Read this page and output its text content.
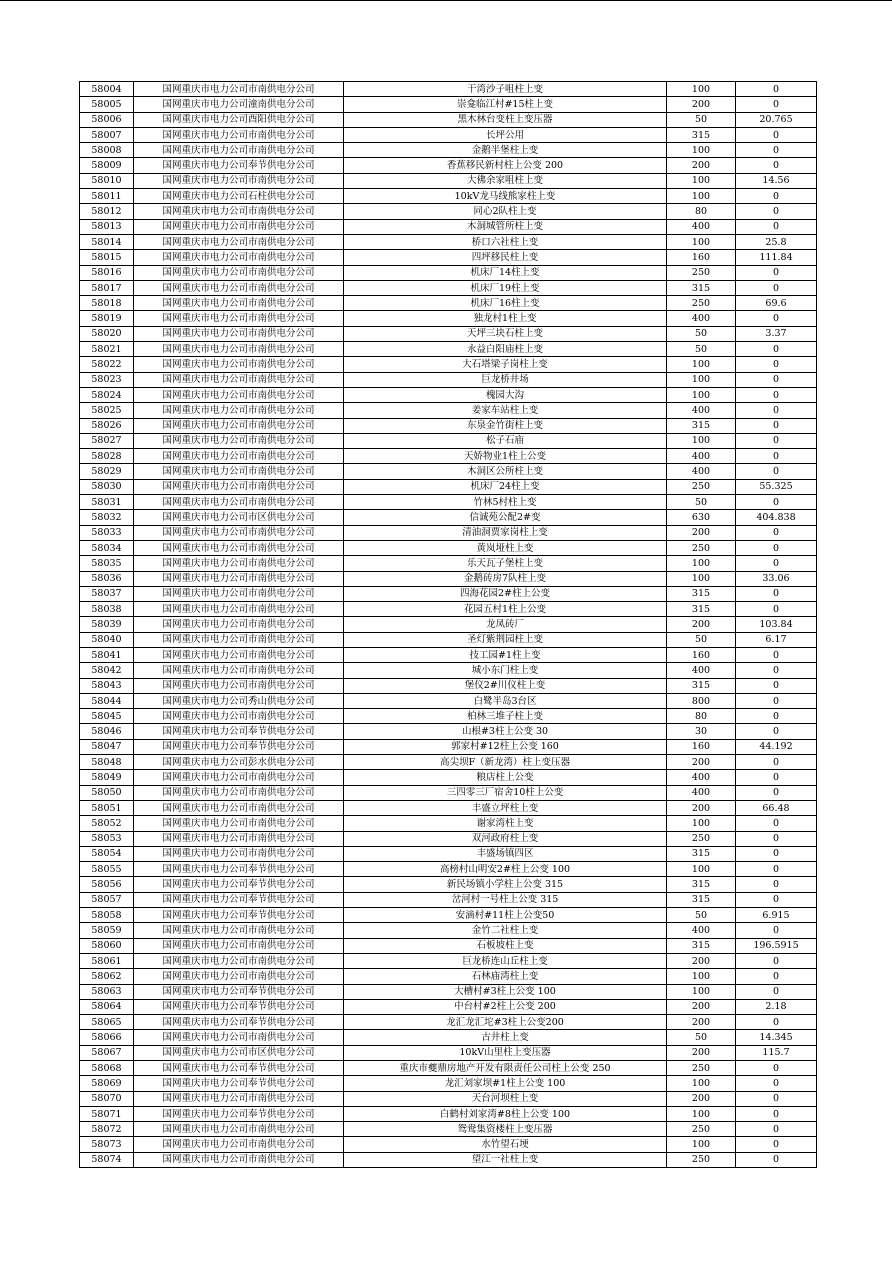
58004	国网重庆市电力公司市南供电分公司	干湾沙子咀柱上变	100	0
58005	国网重庆市电力公司潼南供电分公司	崇龛临江村#15柱上变	200	0
58006	国网重庆市电力公司酉阳供电分公司	黑木林台变柱上变压器	50	20.765
58007	国网重庆市电力公司市南供电分公司	长坪公用	315	0
58008	国网重庆市电力公司市南供电分公司	金鹅半堡柱上变	100	0
58009	国网重庆市电力公司奉节供电分公司	香蕉移民新村柱上公变 200	200	0
58010	国网重庆市电力公司市南供电分公司	大佛余家咀柱上变	100	14.56
58011	国网重庆市电力公司石柱供电分公司	10kV龙马线熊家柱上变	100	0
58012	国网重庆市电力公司市南供电分公司	同心2队柱上变	80	0
58013	国网重庆市电力公司市南供电分公司	木洞城管所柱上变	400	0
58014	国网重庆市电力公司市南供电分公司	桥口六社柱上变	100	25.8
58015	国网重庆市电力公司市南供电分公司	四坪移民柱上变	160	111.84
58016	国网重庆市电力公司市南供电分公司	机床厂14柱上变	250	0
58017	国网重庆市电力公司市南供电分公司	机床厂19柱上变	315	0
58018	国网重庆市电力公司市南供电分公司	机床厂16柱上变	250	69.6
58019	国网重庆市电力公司市南供电分公司	独龙村1柱上变	400	0
58020	国网重庆市电力公司市南供电分公司	天坪三块石柱上变	50	3.37
58021	国网重庆市电力公司市南供电分公司	永益白阳庙柱上变	50	0
58022	国网重庆市电力公司市南供电分公司	大石塔梁子岗柱上变	100	0
58023	国网重庆市电力公司市南供电分公司	巨龙桥井场	100	0
58024	国网重庆市电力公司市南供电分公司	槐园大沟	100	0
58025	国网重庆市电力公司市南供电分公司	姜家车站柱上变	400	0
58026	国网重庆市电力公司市南供电分公司	东泉金竹街柱上变	315	0
58027	国网重庆市电力公司市南供电分公司	松子石庙	100	0
58028	国网重庆市电力公司市南供电分公司	天娇物业1柱上公变	400	0
58029	国网重庆市电力公司市南供电分公司	木洞区公所柱上变	400	0
58030	国网重庆市电力公司市南供电分公司	机床厂24柱上变	250	55.325
58031	国网重庆市电力公司市南供电分公司	竹林5村柱上变	50	0
58032	国网重庆市电力公司市区供电分公司	信诚苑公配2#变	630	404.838
58033	国网重庆市电力公司市南供电分公司	清油洞贾家岗柱上变	200	0
58034	国网重庆市电力公司市南供电分公司	黄岚垭柱上变	250	0
58035	国网重庆市电力公司市南供电分公司	乐天瓦子堡柱上变	100	0
58036	国网重庆市电力公司市南供电分公司	金鹅砖房7队柱上变	100	33.06
58037	国网重庆市电力公司市南供电分公司	四海花园2#柱上公变	315	0
58038	国网重庆市电力公司市南供电分公司	花园五村1柱上公变	315	0
58039	国网重庆市电力公司市南供电分公司	龙凤砖厂	200	103.84
58040	国网重庆市电力公司市南供电分公司	圣灯紫荆园柱上变	50	6.17
58041	国网重庆市电力公司市南供电分公司	技工园#1柱上变	160	0
58042	国网重庆市电力公司市南供电分公司	城小东门柱上变	400	0
58043	国网重庆市电力公司市南供电分公司	堡仪2#川仪柱上变	315	0
58044	国网重庆市电力公司秀山供电分公司	白鹭半岛3台区	800	0
58045	国网重庆市电力公司市南供电分公司	柏林三堆子柱上变	80	0
58046	国网重庆市电力公司奉节供电分公司	山根#3柱上公变 30	30	0
58047	国网重庆市电力公司奉节供电分公司	郭家村#12柱上公变 160	160	44.192
58048	国网重庆市电力公司彭水供电分公司	高尖坝F（新龙湾）柱上变压器	200	0
58049	国网重庆市电力公司市南供电分公司	粮店柱上公变	400	0
58050	国网重庆市电力公司市南供电分公司	三四零三厂宿舍10柱上公变	400	0
58051	国网重庆市电力公司市南供电分公司	丰盛立坪柱上变	200	66.48
58052	国网重庆市电力公司市南供电分公司	谢家湾柱上变	100	0
58053	国网重庆市电力公司市南供电分公司	双河政府柱上变	250	0
58054	国网重庆市电力公司市南供电分公司	丰盛场镇四区	315	0
58055	国网重庆市电力公司奉节供电分公司	高榜村山明安2#柱上公变 100	100	0
58056	国网重庆市电力公司奉节供电分公司	新民场镇小学柱上公变 315	315	0
58057	国网重庆市电力公司奉节供电分公司	岔河村一号柱上公变 315	315	0
58058	国网重庆市电力公司奉节供电分公司	安滴村#11柱上公变50	50	6.915
58059	国网重庆市电力公司市南供电分公司	金竹二社柱上变	400	0
58060	国网重庆市电力公司市南供电分公司	石板坡柱上变	315	196.5915
58061	国网重庆市电力公司市南供电分公司	巨龙桥连山丘柱上变	200	0
58062	国网重庆市电力公司市南供电分公司	石林庙湾柱上变	100	0
58063	国网重庆市电力公司奉节供电分公司	大槽村#3柱上公变 100	100	0
58064	国网重庆市电力公司奉节供电分公司	中台村#2柱上公变 200	200	2.18
58065	国网重庆市电力公司奉节供电分公司	龙汇龙汇坨#3柱上公变200	200	0
58066	国网重庆市电力公司市南供电分公司	古井柱上变	50	14.345
58067	国网重庆市电力公司市区供电分公司	10kV山里柱上变压器	200	115.7
58068	国网重庆市电力公司奉节供电分公司	重庆市夔鼎房地产开发有限责任公司柱上公变 250	250	0
58069	国网重庆市电力公司奉节供电分公司	龙汇刘家坝#1柱上公变 100	100	0
58070	国网重庆市电力公司市南供电分公司	天台河坝柱上变	200	0
58071	国网重庆市电力公司奉节供电分公司	白鹤村刘家湾#8柱上公变 100	100	0
58072	国网重庆市电力公司市南供电分公司	鸳鸯集资楼柱上变压器	250	0
58073	国网重庆市电力公司市南供电分公司	水竹望石埂	100	0
58074	国网重庆市电力公司市南供电分公司	望江一社柱上变	250	0
